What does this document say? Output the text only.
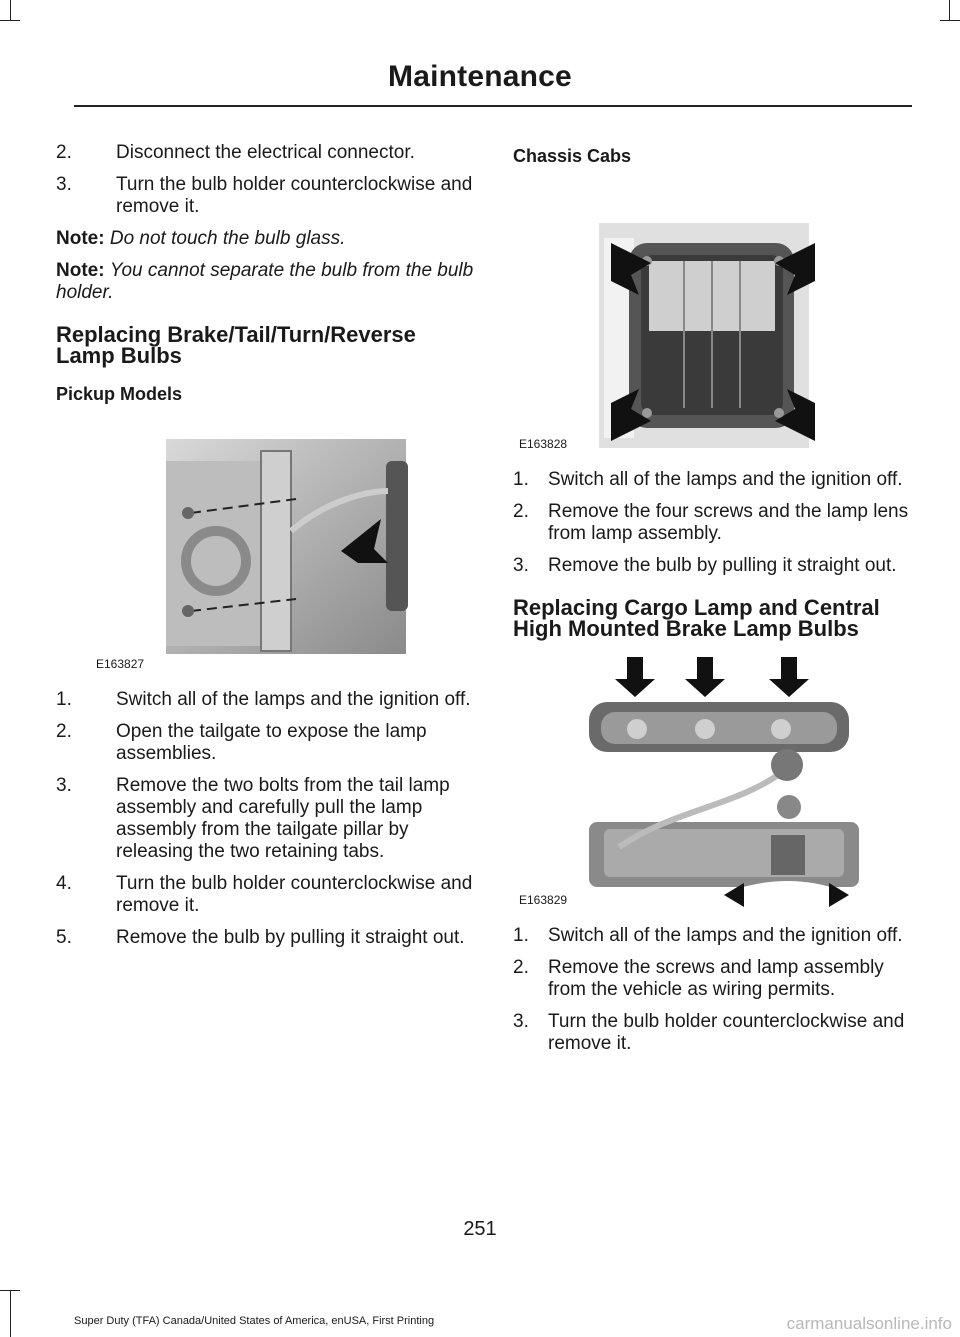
Maintenance
2. Disconnect the electrical connector.
3. Turn the bulb holder counterclockwise and remove it.

Note: Do not touch the bulb glass.

Note: You cannot separate the bulb from the bulb holder.

Replacing Brake/Tail/Turn/Reverse Lamp Bulbs
Pickup Models
E163827
1. Switch all of the lamps and the ignition off.
2. Open the tailgate to expose the lamp assemblies.
3. Remove the two bolts from the tail lamp assembly and carefully pull the lamp assembly from the tailgate pillar by releasing the two retaining tabs.
4. Turn the bulb holder counterclockwise and remove it.
5. Remove the bulb by pulling it straight out.
Chassis Cabs
E163828
1. Switch all of the lamps and the ignition off.
2. Remove the four screws and the lamp lens from lamp assembly.
3. Remove the bulb by pulling it straight out.
Replacing Cargo Lamp and Central High Mounted Brake Lamp Bulbs
E163829
1. Switch all of the lamps and the ignition off.
2. Remove the screws and lamp assembly from the vehicle as wiring permits.
3. Turn the bulb holder counterclockwise and remove it.
251
Super Duty (TFA) Canada/United States of America, enUSA, First Printing	carmanualsonline.info
